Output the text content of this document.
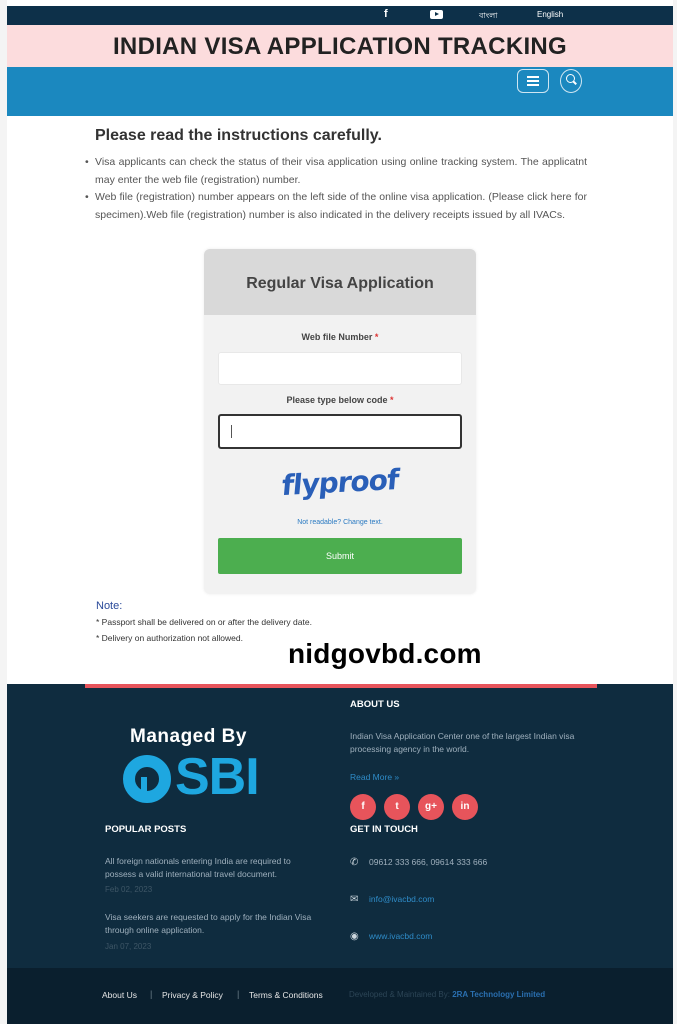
f	বাংলা	English
INDIAN VISA APPLICATION TRACKING
Please read the instructions carefully.
• Visa applicants can check the status of their visa application using online tracking system. The applicatnt may enter the web file (registration) number.
• Web file (registration) number appears on the left side of the online visa application. (Please click here for specimen).Web file (registration) number is also indicated in the delivery receipts issued by all IVACs.
Regular Visa Application
Web file Number *
Please type below code *
flyproof
Not readable? Change text.
Submit
Note:

* Passport shall be delivered on or after the delivery date.

* Delivery on authorization not allowed.	nidgovbd.com
Managed By
SBI
POPULAR POSTS
All foreign nationals entering India are required to possess a valid international travel document.
Feb 02, 2023
Visa seekers are requested to apply for the Indian Visa through online application.
Jan 07, 2023
ABOUT US
Indian Visa Application Center one of the largest Indian visa processing agency in the world.
Read More »
f	t	g+	in
GET IN TOUCH
✆ 09612 333 666, 09614 333 666
✉ info@ivacbd.com
◉ www.ivacbd.com
About Us | Privacy & Policy | Terms & Conditions	Developed & Maintained By: 2RA Technology Limited
